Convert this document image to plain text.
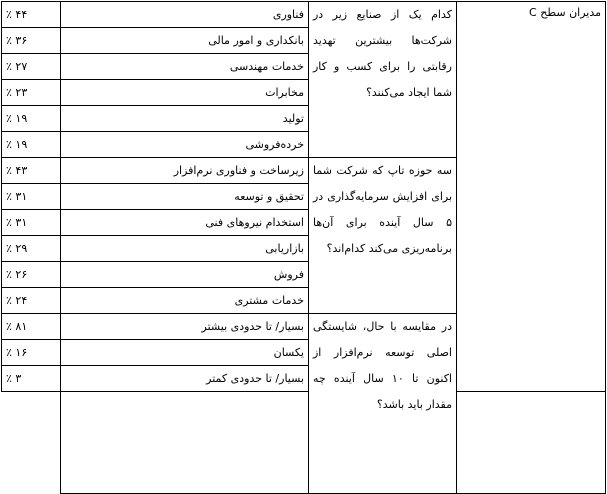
مدیران سطح C	کدام یک از صنایع زیر در شرکت‌ها بیشترین تهدید رقابتی را برای کسب و کار شما ایجاد می‌کنند؟	فناوری	۴۴ ٪
		بانکداری و امور مالی	۳۶ ٪
		خدمات مهندسی	۲۷ ٪
		مخابرات	۲۳ ٪
		تولید	۱۹ ٪
		خرده‌فروشی	۱۹ ٪
	سه حوزه تاپ که شرکت شما برای افزایش سرمایه‌گذاری در ۵ سال آینده برای آن‌ها برنامه‌ریزی می‌کند کدام‌اند؟	زیرساخت و فناوری نرم‌افزار	۴۳ ٪
		تحقیق و توسعه	۳۱ ٪
		استخدام نیروهای فنی	۳۱ ٪
		بازاریابی	۲۹ ٪
		فروش	۲۶ ٪
		خدمات مشتری	۲۴ ٪
	در مقایسه با حال، شایستگی اصلی توسعه نرم‌افزار از اکنون تا ۱۰ سال آینده چه مقدار باید باشد؟	بسیار/ تا حدودی بیشتر	۸۱ ٪
		یکسان	۱۶ ٪
		بسیار/ تا حدودی کمتر	۳ ٪
